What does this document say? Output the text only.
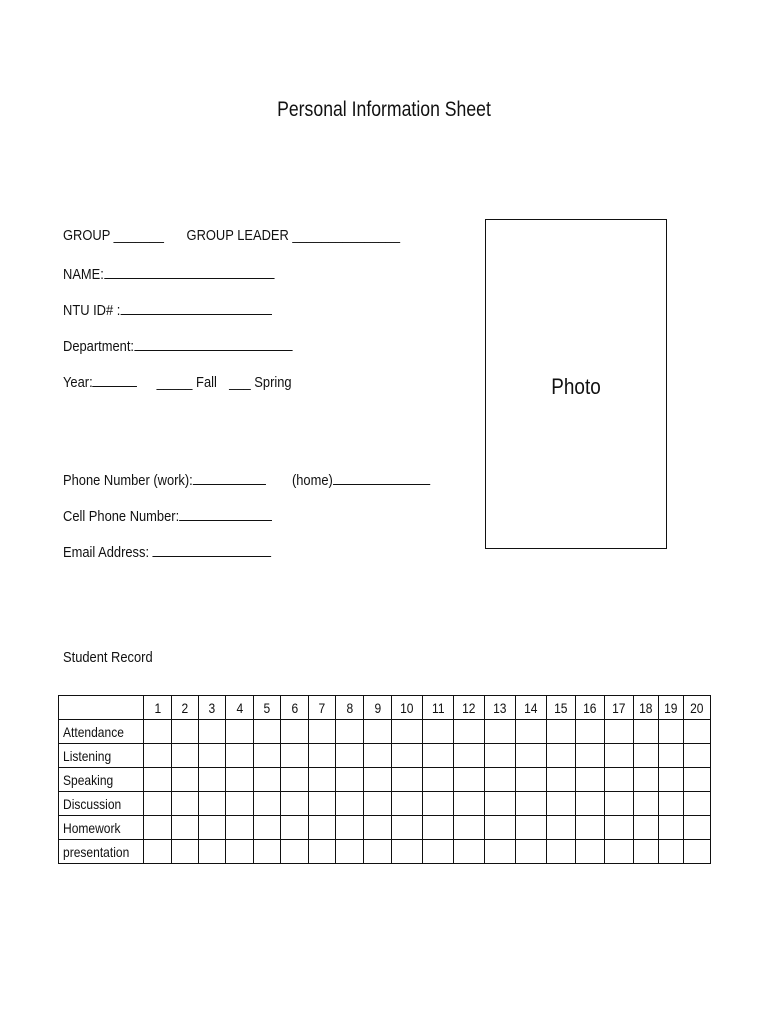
Personal Information Sheet
GROUP _______ GROUP LEADER _______________
NAME:
NTU ID# :
Department:
Year:	_____ Fall ___ Spring
Phone Number (work):	(home)
Cell Phone Number:
Email Address:
Photo
Student Record
	1	2	3	4	5	6	7	8	9	10	11	12	13	14	15	16	17	18	19	20
Attendance																				
Listening																				
Speaking																				
Discussion																				
Homework																				
presentation																				
